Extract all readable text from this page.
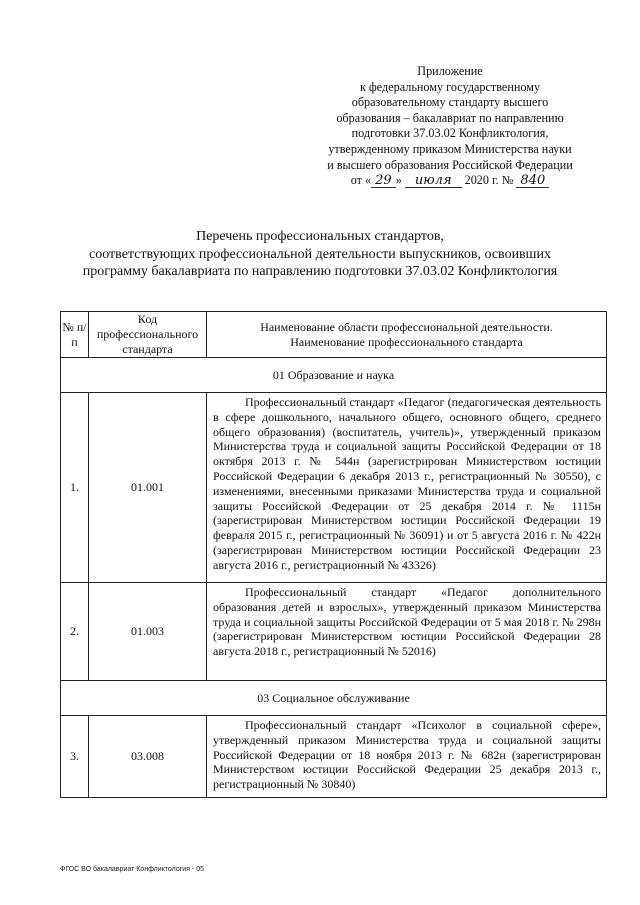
Приложение
к федеральному государственному
образовательному стандарту высшего
образования – бакалавриат по направлению
подготовки 37.03.02 Конфликтология,
утвержденному приказом Министерства науки
и высшего образования Российской Федерации
от « 29 » июля 2020 г. № 840
Перечень профессиональных стандартов,
соответствующих профессиональной деятельности выпускников, освоивших
программу бакалавриата по направлению подготовки 37.03.02 Конфликтология
№ п/п	Код профессионального стандарта	Наименование области профессиональной деятельности.
Наименование профессионального стандарта
01 Образование и наука		
1.	01.001	Профессиональный стандарт «Педагог (педагогическая деятельность в сфере дошкольного, начального общего, основного общего, среднего общего образования) (воспитатель, учитель)», утвержденный приказом Министерства труда и социальной защиты Российской Федерации от 18 октября 2013 г. № 544н (зарегистрирован Министерством юстиции Российской Федерации 6 декабря 2013 г., регистрационный № 30550), с изменениями, внесенными приказами Министерства труда и социальной защиты Российской Федерации от 25 декабря 2014 г. № 1115н (зарегистрирован Министерством юстиции Российской Федерации 19 февраля 2015 г., регистрационный № 36091) и от 5 августа 2016 г. № 422н (зарегистрирован Министерством юстиции Российской Федерации 23 августа 2016 г., регистрационный № 43326)
2.	01.003	Профессиональный стандарт «Педагог дополнительного образования детей и взрослых», утвержденный приказом Министерства труда и социальной защиты Российской Федерации от 5 мая 2018 г. № 298н (зарегистрирован Министерством юстиции Российской Федерации 28 августа 2018 г., регистрационный № 52016)
03 Социальное обслуживание		
3.	03.008	Профессиональный стандарт «Психолог в социальной сфере», утвержденный приказом Министерства труда и социальной защиты Российской Федерации от 18 ноября 2013 г. № 682н (зарегистрирован Министерством юстиции Российской Федерации 25 декабря 2013 г., регистрационный № 30840)
ФГОС ВО бакалавриат Конфликтология - 05
